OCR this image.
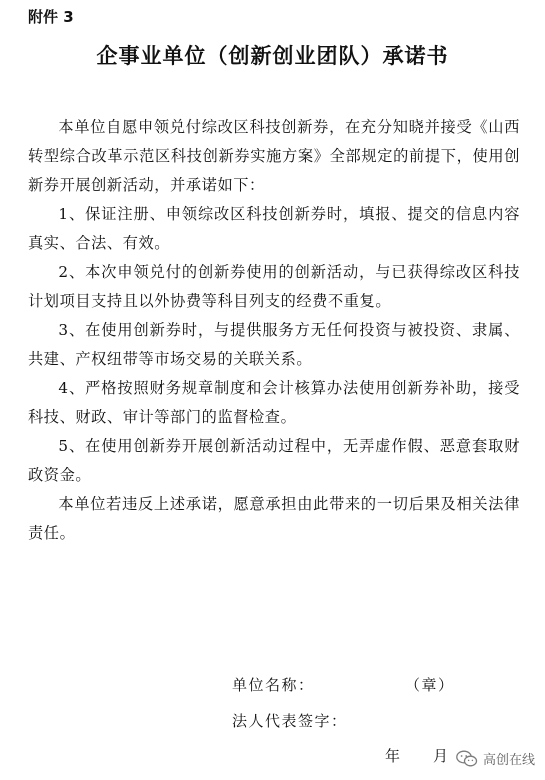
附件 3
企事业单位（创新创业团队）承诺书

本单位自愿申领兑付综改区科技创新券，在充分知晓并接受《山西转型综合改革示范区科技创新券实施方案》全部规定的前提下，使用创新券开展创新活动，并承诺如下：

1、保证注册、申领综改区科技创新券时，填报、提交的信息内容真实、合法、有效。

2、本次申领兑付的创新券使用的创新活动，与已获得综改区科技计划项目支持且以外协费等科目列支的经费不重复。

3、在使用创新券时，与提供服务方无任何投资与被投资、隶属、共建、产权纽带等市场交易的关联关系。

4、严格按照财务规章制度和会计核算办法使用创新券补助，接受科技、财政、审计等部门的监督检查。

5、在使用创新券开展创新活动过程中，无弄虚作假、恶意套取财政资金。

本单位若违反上述承诺，愿意承担由此带来的一切后果及相关法律责任。

单位名称：	（章）
法人代表签字：
年 月	高创在线
